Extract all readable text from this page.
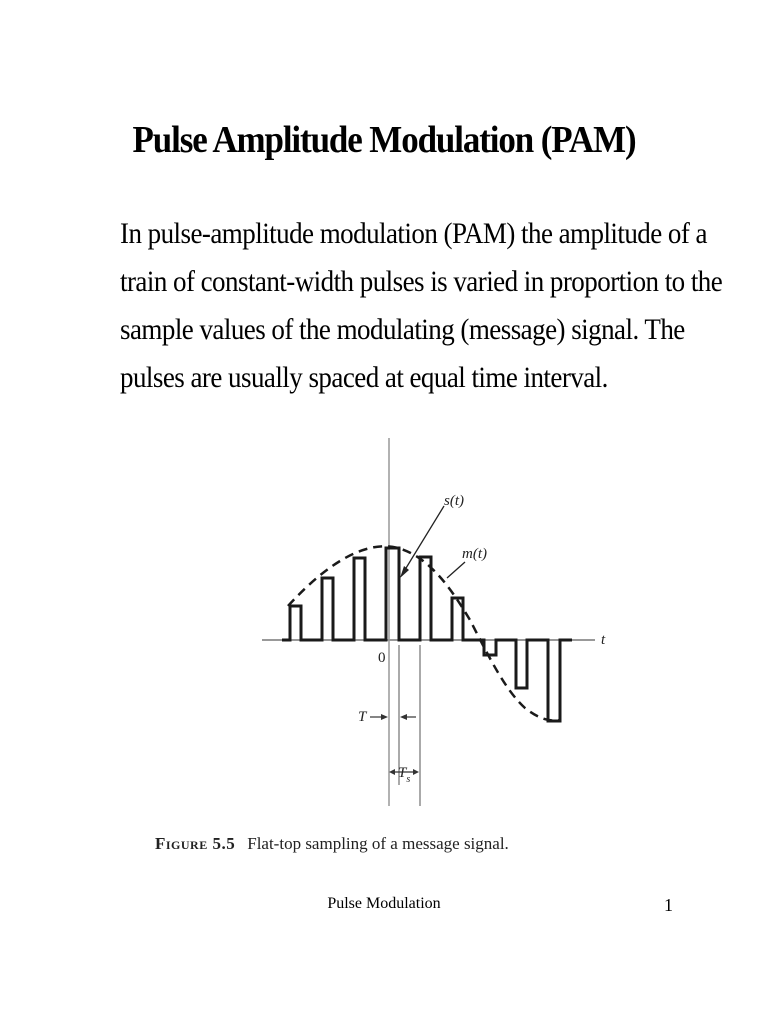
Pulse Amplitude Modulation (PAM)
In pulse-amplitude modulation (PAM) the amplitude of a
train of constant-width pulses is varied in proportion to the
sample values of the modulating (message) signal. The
pulses are usually spaced at equal time interval.
s(t)
m(t)
t
0
T
$T_s$
Figure 5.5 Flat-top sampling of a message signal.

Pulse Modulation	1
